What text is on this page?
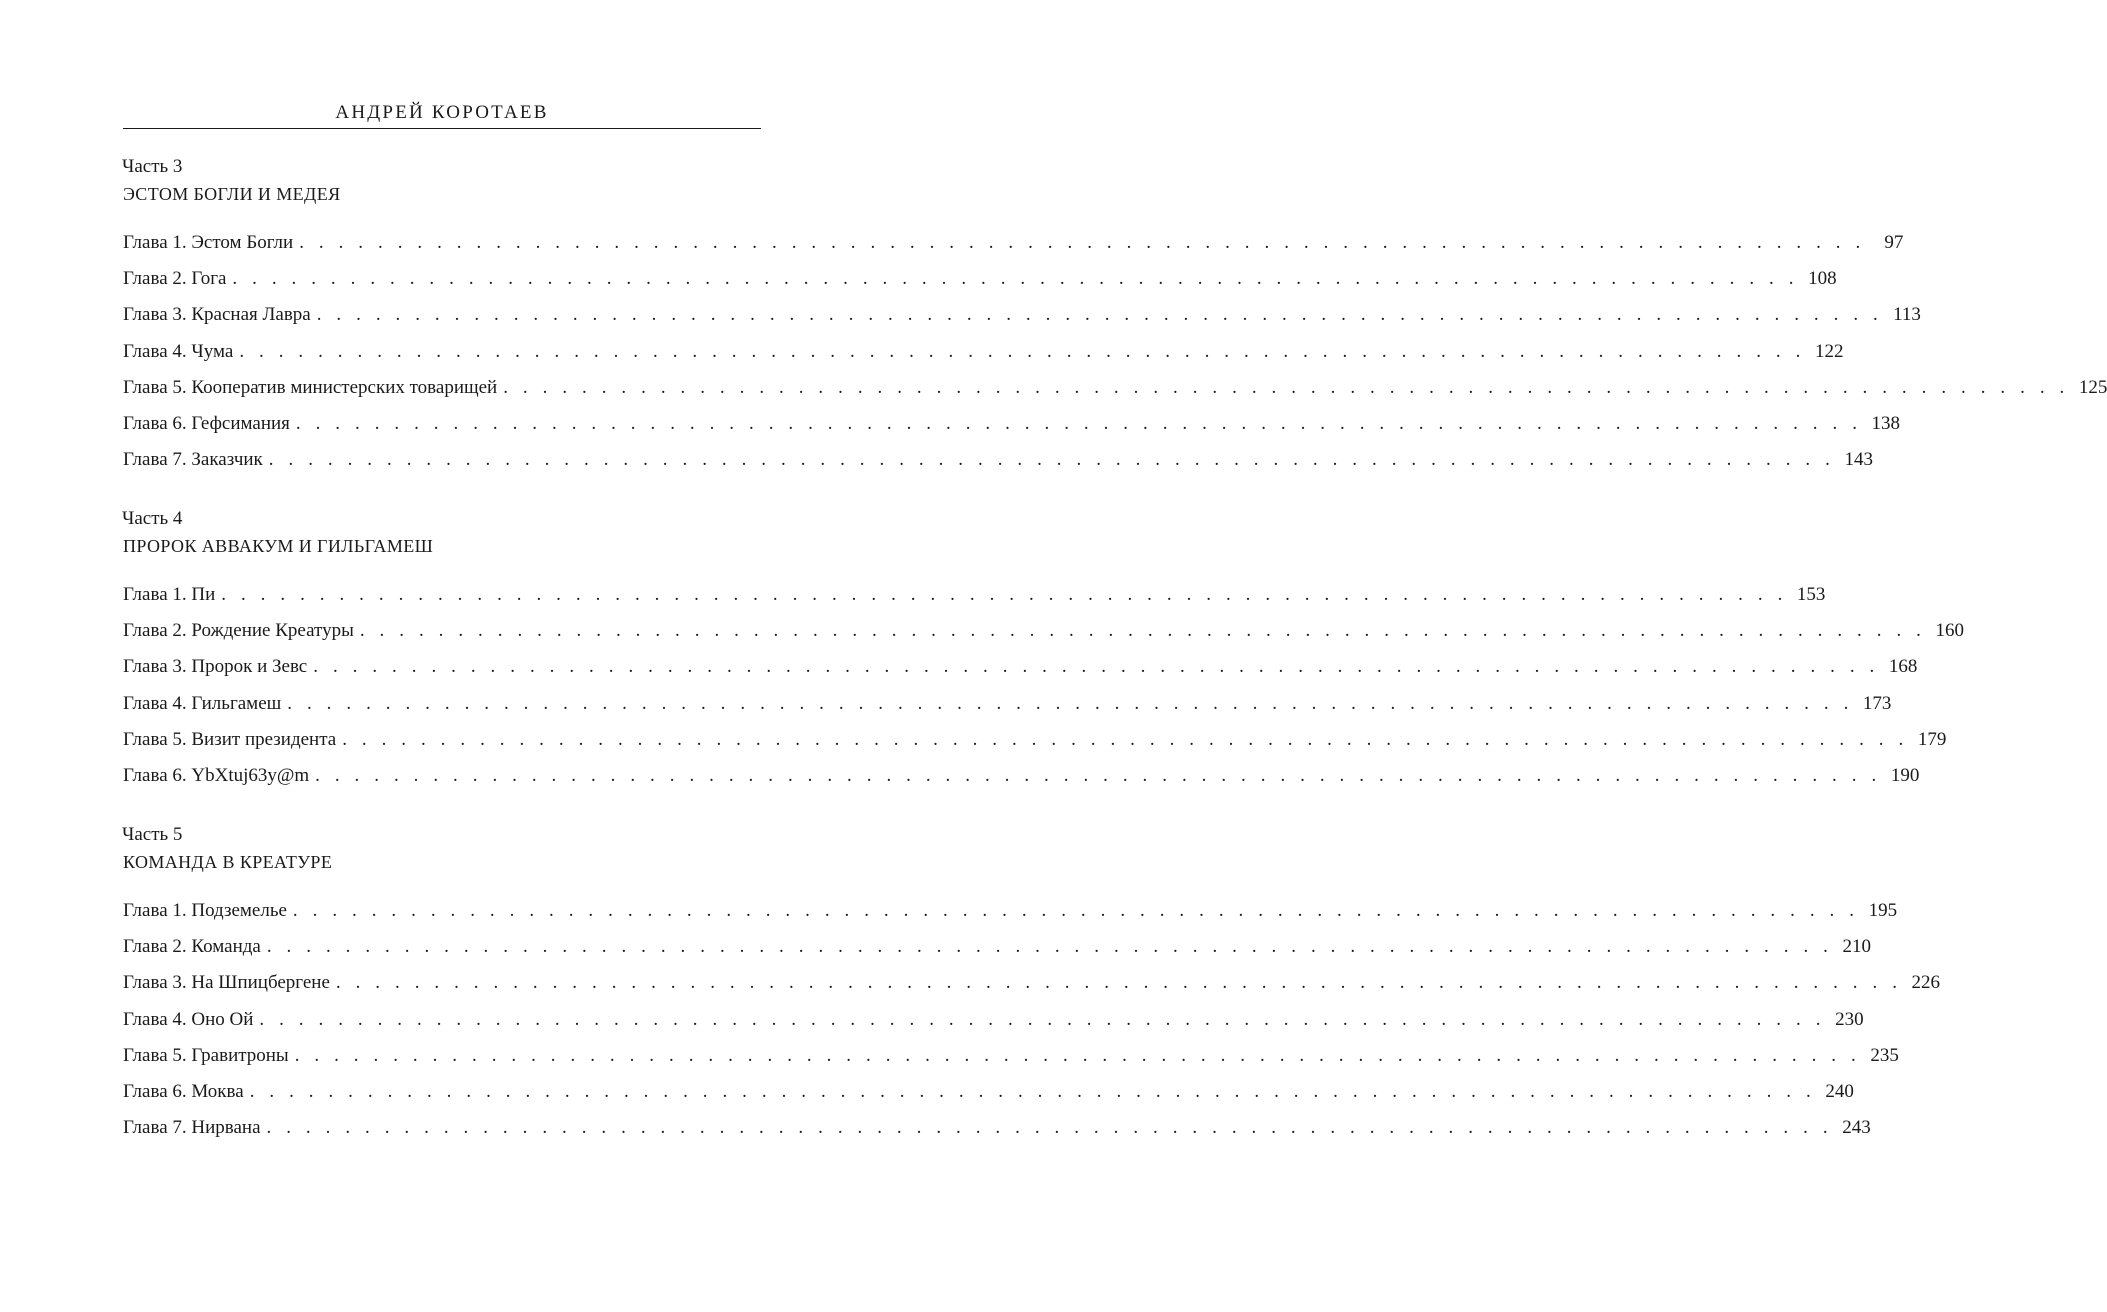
АНДРЕЙ КОРОТАЕВ
Часть 3
ЭСТОМ БОГЛИ И МЕДЕЯ
Глава 1. Эстом Богли . . . . . . . . . . . . . . . . . . . . . . . . . . . . . . . . . . . . . . . . . . . . . . . . . . . . . . . . . . . . . . . . . . . . . . . . . . . . . . . .	97
Глава 2. Гога . . . . . . . . . . . . . . . . . . . . . . . . . . . . . . . . . . . . . . . . . . . . . . . . . . . . . . . . . . . . . . . . . . . . . . . . . . . . . . . . 108
Глава 3. Красная Лавра . . . . . . . . . . . . . . . . . . . . . . . . . . . . . . . . . . . . . . . . . . . . . . . . . . . . . . . . . . . . . . . . . . . . . . . . . . . . . . . . 113
Глава 4. Чума . . . . . . . . . . . . . . . . . . . . . . . . . . . . . . . . . . . . . . . . . . . . . . . . . . . . . . . . . . . . . . . . . . . . . . . . . . . . . . . . 122
Глава 5. Кооператив министерских товарищей . . . . . . . . . . . . . . . . . . . . . . . . . . . . . . . . . . . . . . . . . . . . . . . . . . . . . . . . . . . . . . . . . . . . . . . . . . . . . . . . 125
Глава 6. Гефсимания . . . . . . . . . . . . . . . . . . . . . . . . . . . . . . . . . . . . . . . . . . . . . . . . . . . . . . . . . . . . . . . . . . . . . . . . . . . . . . . . 138
Глава 7. Заказчик . . . . . . . . . . . . . . . . . . . . . . . . . . . . . . . . . . . . . . . . . . . . . . . . . . . . . . . . . . . . . . . . . . . . . . . . . . . . . . . . 143
Часть 4
ПРОРОК АВВАКУМ И ГИЛЬГАМЕШ
Глава 1. Пи . . . . . . . . . . . . . . . . . . . . . . . . . . . . . . . . . . . . . . . . . . . . . . . . . . . . . . . . . . . . . . . . . . . . . . . . . . . . . . . . 153
Глава 2. Рождение Креатуры . . . . . . . . . . . . . . . . . . . . . . . . . . . . . . . . . . . . . . . . . . . . . . . . . . . . . . . . . . . . . . . . . . . . . . . . . . . . . . . . 160
Глава 3. Пророк и Зевс . . . . . . . . . . . . . . . . . . . . . . . . . . . . . . . . . . . . . . . . . . . . . . . . . . . . . . . . . . . . . . . . . . . . . . . . . . . . . . . . 168
Глава 4. Гильгамеш . . . . . . . . . . . . . . . . . . . . . . . . . . . . . . . . . . . . . . . . . . . . . . . . . . . . . . . . . . . . . . . . . . . . . . . . . . . . . . . . 173
Глава 5. Визит президента . . . . . . . . . . . . . . . . . . . . . . . . . . . . . . . . . . . . . . . . . . . . . . . . . . . . . . . . . . . . . . . . . . . . . . . . . . . . . . . . 179
Глава 6. YbXtuj63y@m . . . . . . . . . . . . . . . . . . . . . . . . . . . . . . . . . . . . . . . . . . . . . . . . . . . . . . . . . . . . . . . . . . . . . . . . . . . . . . . . 190
Часть 5
КОМАНДА В КРЕАТУРЕ
Глава 1. Подземелье . . . . . . . . . . . . . . . . . . . . . . . . . . . . . . . . . . . . . . . . . . . . . . . . . . . . . . . . . . . . . . . . . . . . . . . . . . . . . . . . 195
Глава 2. Команда . . . . . . . . . . . . . . . . . . . . . . . . . . . . . . . . . . . . . . . . . . . . . . . . . . . . . . . . . . . . . . . . . . . . . . . . . . . . . . . . 210
Глава 3. На Шпицбергене . . . . . . . . . . . . . . . . . . . . . . . . . . . . . . . . . . . . . . . . . . . . . . . . . . . . . . . . . . . . . . . . . . . . . . . . . . . . . . . . 226
Глава 4. Оно Ой . . . . . . . . . . . . . . . . . . . . . . . . . . . . . . . . . . . . . . . . . . . . . . . . . . . . . . . . . . . . . . . . . . . . . . . . . . . . . . . . 230
Глава 5. Гравитроны . . . . . . . . . . . . . . . . . . . . . . . . . . . . . . . . . . . . . . . . . . . . . . . . . . . . . . . . . . . . . . . . . . . . . . . . . . . . . . . . 235
Глава 6. Моква . . . . . . . . . . . . . . . . . . . . . . . . . . . . . . . . . . . . . . . . . . . . . . . . . . . . . . . . . . . . . . . . . . . . . . . . . . . . . . . . 240
Глава 7. Нирвана . . . . . . . . . . . . . . . . . . . . . . . . . . . . . . . . . . . . . . . . . . . . . . . . . . . . . . . . . . . . . . . . . . . . . . . . . . . . . . . . 243
